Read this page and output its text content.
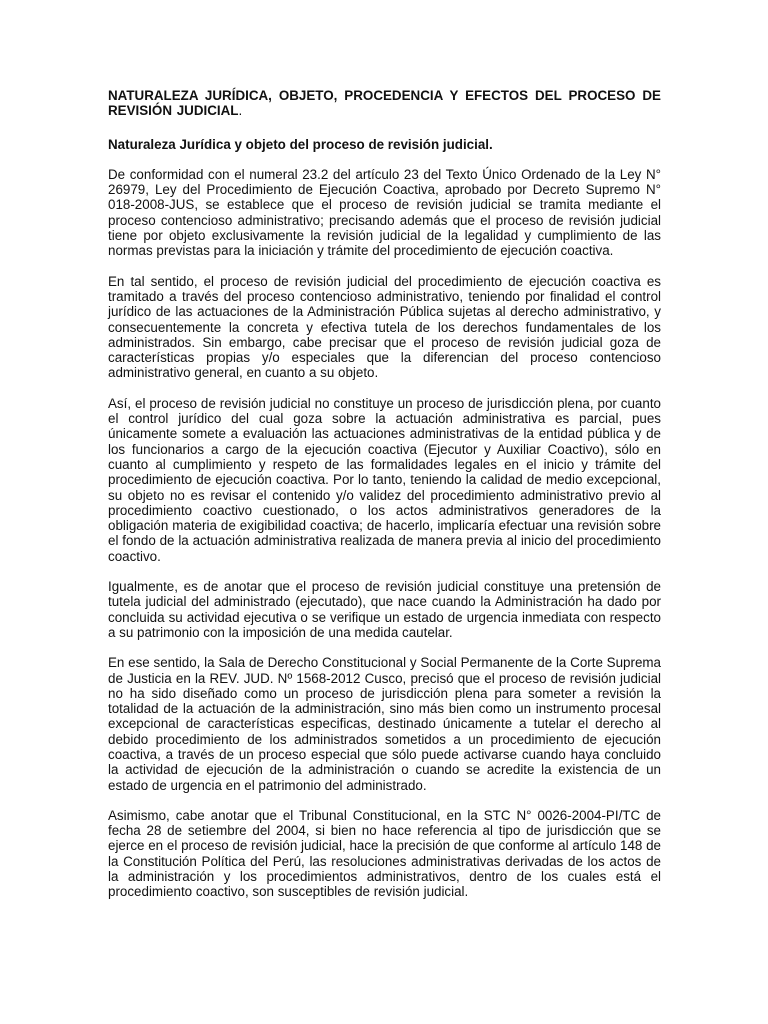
NATURALEZA JURÍDICA, OBJETO, PROCEDENCIA Y EFECTOS DEL PROCESO DE REVISIÓN JUDICIAL.

Naturaleza Jurídica y objeto del proceso de revisión judicial.

De conformidad con el numeral 23.2 del artículo 23 del Texto Único Ordenado de la Ley N° 26979, Ley del Procedimiento de Ejecución Coactiva, aprobado por Decreto Supremo N° 018-2008-JUS, se establece que el proceso de revisión judicial se tramita mediante el proceso contencioso administrativo; precisando además que el proceso de revisión judicial tiene por objeto exclusivamente la revisión judicial de la legalidad y cumplimiento de las normas previstas para la iniciación y trámite del procedimiento de ejecución coactiva.

En tal sentido, el proceso de revisión judicial del procedimiento de ejecución coactiva es tramitado a través del proceso contencioso administrativo, teniendo por finalidad el control jurídico de las actuaciones de la Administración Pública sujetas al derecho administrativo, y consecuentemente la concreta y efectiva tutela de los derechos fundamentales de los administrados. Sin embargo, cabe precisar que el proceso de revisión judicial goza de características propias y/o especiales que la diferencian del proceso contencioso administrativo general, en cuanto a su objeto.

Así, el proceso de revisión judicial no constituye un proceso de jurisdicción plena, por cuanto el control jurídico del cual goza sobre la actuación administrativa es parcial, pues únicamente somete a evaluación las actuaciones administrativas de la entidad pública y de los funcionarios a cargo de la ejecución coactiva (Ejecutor y Auxiliar Coactivo), sólo en cuanto al cumplimiento y respeto de las formalidades legales en el inicio y trámite del procedimiento de ejecución coactiva. Por lo tanto, teniendo la calidad de medio excepcional, su objeto no es revisar el contenido y/o validez del procedimiento administrativo previo al procedimiento coactivo cuestionado, o los actos administrativos generadores de la obligación materia de exigibilidad coactiva; de hacerlo, implicaría efectuar una revisión sobre el fondo de la actuación administrativa realizada de manera previa al inicio del procedimiento coactivo.

Igualmente, es de anotar que el proceso de revisión judicial constituye una pretensión de tutela judicial del administrado (ejecutado), que nace cuando la Administración ha dado por concluida su actividad ejecutiva o se verifique un estado de urgencia inmediata con respecto a su patrimonio con la imposición de una medida cautelar.

En ese sentido, la Sala de Derecho Constitucional y Social Permanente de la Corte Suprema de Justicia en la REV. JUD. Nº 1568-2012 Cusco, precisó que el proceso de revisión judicial no ha sido diseñado como un proceso de jurisdicción plena para someter a revisión la totalidad de la actuación de la administración, sino más bien como un instrumento procesal excepcional de características especificas, destinado únicamente a tutelar el derecho al debido procedimiento de los administrados sometidos a un procedimiento de ejecución coactiva, a través de un proceso especial que sólo puede activarse cuando haya concluido la actividad de ejecución de la administración o cuando se acredite la existencia de un estado de urgencia en el patrimonio del administrado.

Asimismo, cabe anotar que el Tribunal Constitucional, en la STC N° 0026-2004-PI/TC de fecha 28 de setiembre del 2004, si bien no hace referencia al tipo de jurisdicción que se ejerce en el proceso de revisión judicial, hace la precisión de que conforme al artículo 148 de la Constitución Política del Perú, las resoluciones administrativas derivadas de los actos de la administración y los procedimientos administrativos, dentro de los cuales está el procedimiento coactivo, son susceptibles de revisión judicial.
